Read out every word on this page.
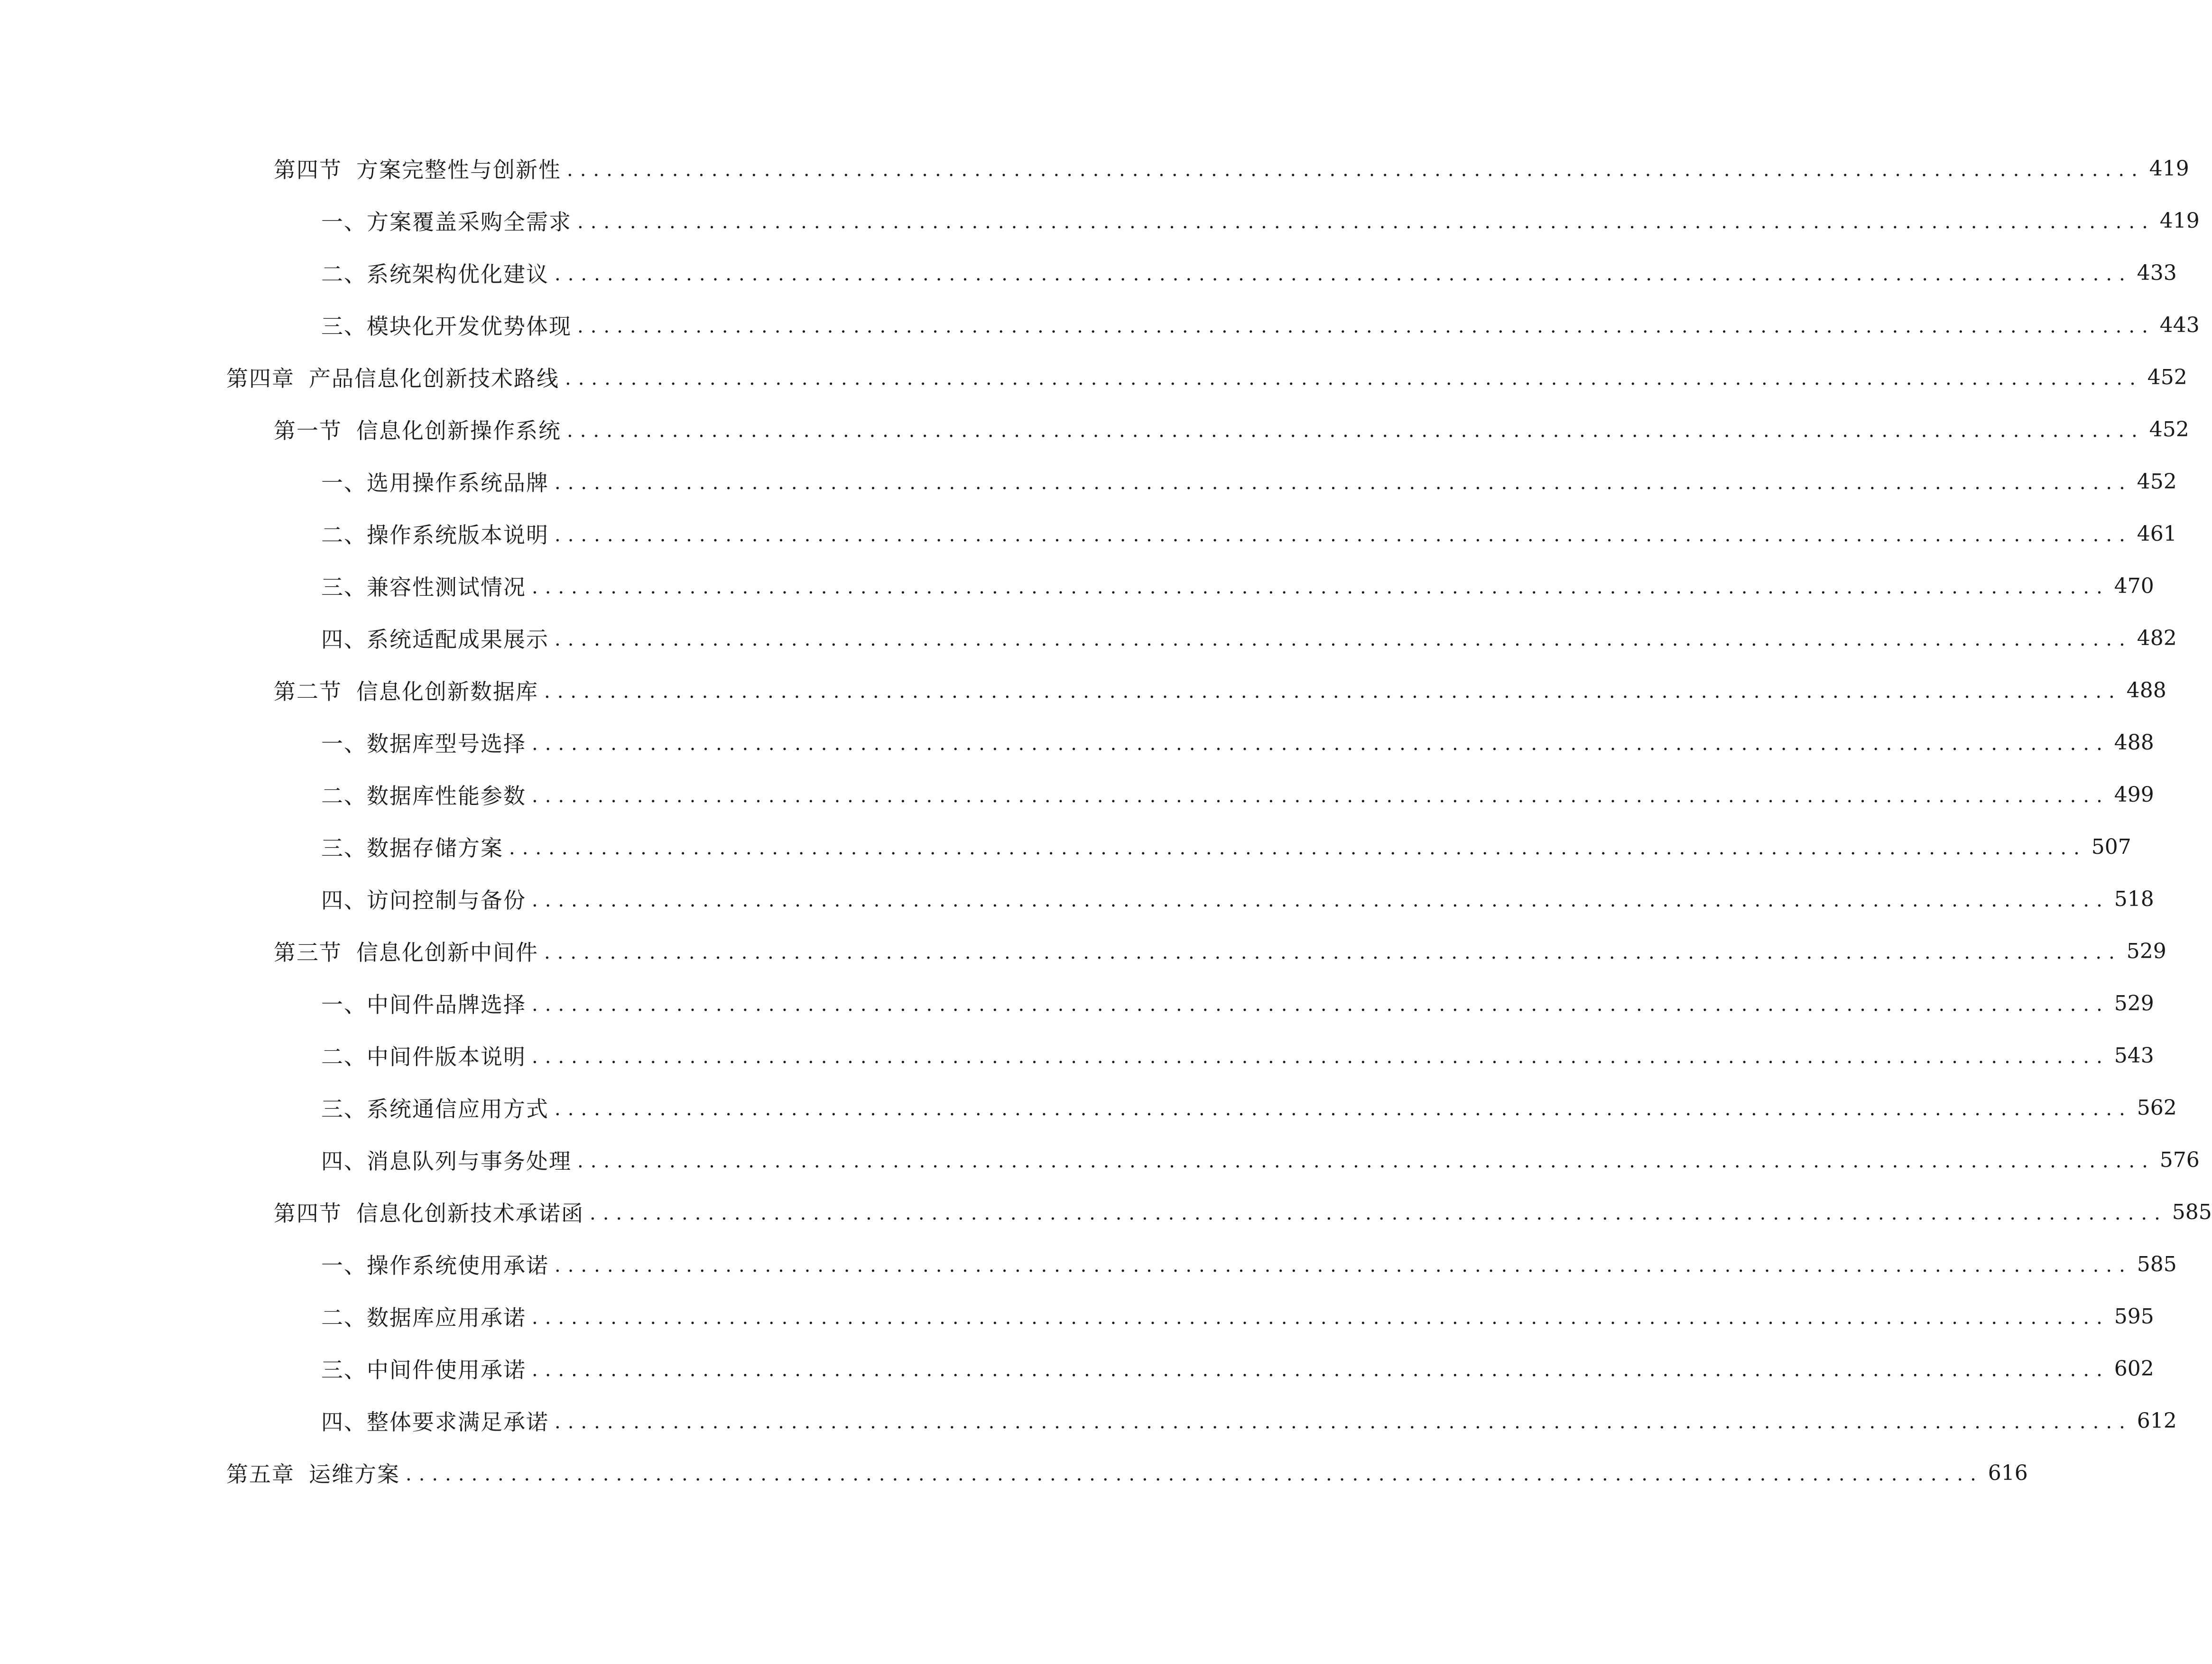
第四节 方案完整性与创新性 ........................................................................................................................ 419
一、 方案覆盖采购全需求 ........................................................................................................................ 419
二、 系统架构优化建议 ........................................................................................................................ 433
三、 模块化开发优势体现 ........................................................................................................................ 443
第四章 产品信息化创新技术路线 ........................................................................................................................ 452
第一节 信息化创新操作系统 ........................................................................................................................ 452
一、 选用操作系统品牌 ........................................................................................................................ 452
二、 操作系统版本说明 ........................................................................................................................ 461
三、 兼容性测试情况 ........................................................................................................................ 470
四、 系统适配成果展示 ........................................................................................................................ 482
第二节 信息化创新数据库 ........................................................................................................................ 488
一、 数据库型号选择 ........................................................................................................................ 488
二、 数据库性能参数 ........................................................................................................................ 499
三、 数据存储方案 ........................................................................................................................ 507
四、 访问控制与备份 ........................................................................................................................ 518
第三节 信息化创新中间件 ........................................................................................................................ 529
一、 中间件品牌选择 ........................................................................................................................ 529
二、 中间件版本说明 ........................................................................................................................ 543
三、 系统通信应用方式 ........................................................................................................................ 562
四、 消息队列与事务处理 ........................................................................................................................ 576
第四节 信息化创新技术承诺函 ........................................................................................................................ 585
一、 操作系统使用承诺 ........................................................................................................................ 585
二、 数据库应用承诺 ........................................................................................................................ 595
三、 中间件使用承诺 ........................................................................................................................ 602
四、 整体要求满足承诺 ........................................................................................................................ 612
第五章 运维方案 ........................................................................................................................ 616
